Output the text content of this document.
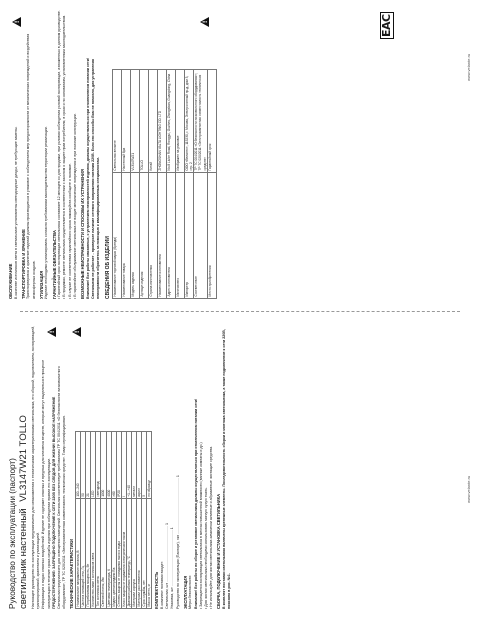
Руководство по эксплуатации (паспорт) светильник настенный VL3147W21 TOLLO Настоящее руководство по эксплуатации предназначено для ознакомления с техническими характеристиками светильника, его сборкой, подключением, эксплуатацией, транспортировкой, хранением и утилизацией. Информация о видах опасных воздействий. Изделие не содержит опасных и вредных для человека веществ, которые могут выделяться в процессе эксплуатации в течение срока службы изделия при соблюдении правил его эксплуатации.

! ПРЕДОСТЕРЕЖЕНИЕ: ЗАПРЕЩЕНО ПОДКЛЮЧЕНИЕ К СЕТИ 220В БЕЗ СЛЕДОВ ДЛЯ ЖИЗНИ! ВЫСОКОЕ НАПРЯЖЕНИЕ

! Светильник предназначен для освещения помещений. Светильник соответствует требованиям ТР ТС 004/2011 «О безопасности низковольтного оборудования», ТР ТС 020/2011 «Электромагнитная совместимость технических средств». Товар сертифицирован. ТЕХНИЧЕСКИЕ ХАРАКТЕРИСТИКИ Номинальное напряжение питания, В	100...240
Частота питающей сети, Гц	50
Потребляемая мощность, Вт	21
Количество ламп / источников света	LED
Тип источника света	светодиод
Световой поток, Лм	1000
Цветовая температура, К	4000
Индекс цветопередачи Ra	>80
Степень защиты от попадания пыли и воды	IP20
Класс защиты от поражения электрическим током	I
Диапазон рабочих температур, °С	+1...+40
Материал корпуса	металл
Материал рассеивателя	акрил
Срок службы, лет	5
Масса нетто, кг	по образцу
КОМПЛЕКТНОСТЬ В комплект поставки входит: Светильник, шт ........................................................ 1

Упаковка, шт ........................................................ 1

Руководство по эксплуатации (Паспорт), экз ........................................................ 1

ЭКСПЛУАТАЦИЯ Меры безопасности Внимание! Все работы по сборке и установке светильника должны осуществляться при отключенном питании сети! • Запрещается эксплуатация светильника в местах повышенной влажности (ванные комнаты и др.) • Для чистки светильника необходимо использовать мягкую сухую ткань. • Не используйте для чистки светильника химически активные и абразивные чистящие средства. СБОРКА, ПОДКЛЮЧЕНИЕ И УСТАНОВКА СВЕТИЛЬНИКА В комплект поставки светильника включены крепежные элементы. Последовательность сборки и монтажа светильника, а также подключение к сети 220В, показана в рис. №1.

www.velante.ru
ОБСЛУЖИВАНИЕ В качестве источников света в светильнике установлены светодиодные диоды, не требующие замены. ТРАНСПОРТИРОВКА И ХРАНЕНИЕ Транспортировка и хранение изделий должны производиться в упаковке с соблюдением мер предосторожности от механических повреждений и воздействия атмосферных осадков. УТИЛИЗАЦИЯ Изделие необходимо утилизировать согласно требованиям законодательства территории реализации. ГАРАНТИЙНЫЕ ОБЯЗАТЕЛЬСТВА • Гарантийный срок эксплуатации светильника составляет 12 месяцев со дня продажи, при условии соблюдения условий эксплуатации, изложенных в данном руководстве. • В продажах, ремонте светильника осуществляется в соответствии с законом о защите прав потребителя, в сроки и по основаниям, установленным законодательством. • В случае не соответствия гарантийного срока пожалуйста сообщите о поломке. • В гарантийное обслуживание светильника не входит механические повреждения и при поломке конструкции. ВОЗМОЖНЫЕ НЕИСПРАВНОСТИ И СПОСОБЫ ИХ УСТРАНЕНИЯ Внимание! Все работы связанные, с устранением неисправностей изделия, должны осуществляться при отключенном питании сети! Светильник не работает - проверьте наличие сетевого напряжения питания 220В. Если эти способы Вам не помогли, для устранения неисправности обратитесь за помощью к квалифицированным специалистам.

!
! СВЕДЕНИЯ ОБ ИЗДЕЛИИ Наименование торговой марки (бренда)	Светильник велантe
Наименование товара	Настенный бра
Модель изделия	VL3147W21
Артикул изделия	TOLLO
Страна изготовления	Китай
Наименование изготовителя	ZHONGSHAN VALTA LIGHTING CO. LTD
Адрес изготовителя	No.8 Liuhe Road, Ronggui, Guzhen, Zhongshan, Guangdong, China
Изготовлено	Изображен на упаковке
Импортер	ООО «Велантэ», 115230, г. Москва, Электролитный пр-д, дом 3, стр. 2
Соответствие	ТР ТС 004/2011 «О безопасности низковольтного оборудования»; ТР ТС 020/2011 «Электромагнитная совместимость технических средств»
Место приобретения	Гарантийный срок
EAC
www.velante.ru
